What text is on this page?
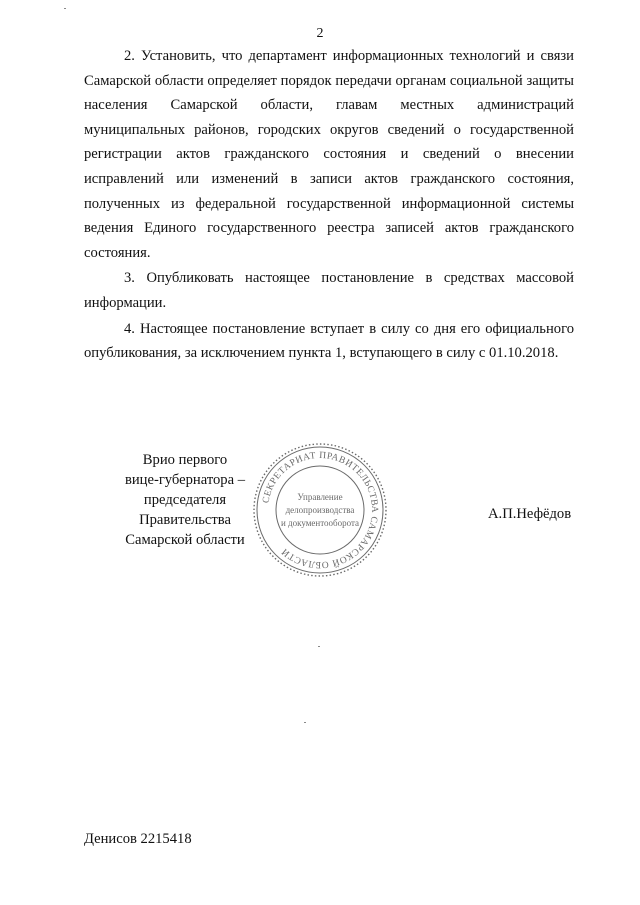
2

2. Установить, что департамент информационных технологий и связи Самарской области определяет порядок передачи органам социальной защиты населения Самарской области, главам местных администраций муниципальных районов, городских округов сведений о государственной регистрации актов гражданского состояния и сведений о внесении исправлений или изменений в записи актов гражданского состояния, полученных из федеральной государственной информационной системы ведения Единого государственного реестра записей актов гражданского состояния.

3. Опубликовать настоящее постановление в средствах массовой информации.

4. Настоящее постановление вступает в силу со дня его официального опубликования, за исключением пункта 1, вступающего в силу с 01.10.2018.

Врио первого
вице-губернатора –
председателя Правительства
Самарской области
СЕКРЕТАРИАТ ПРАВИТЕЛЬСТВА САМАРСКОЙ ОБЛАСТИ
Управление
делопроизводства
и документооборота
А.П.Нефёдов
Денисов 2215418
